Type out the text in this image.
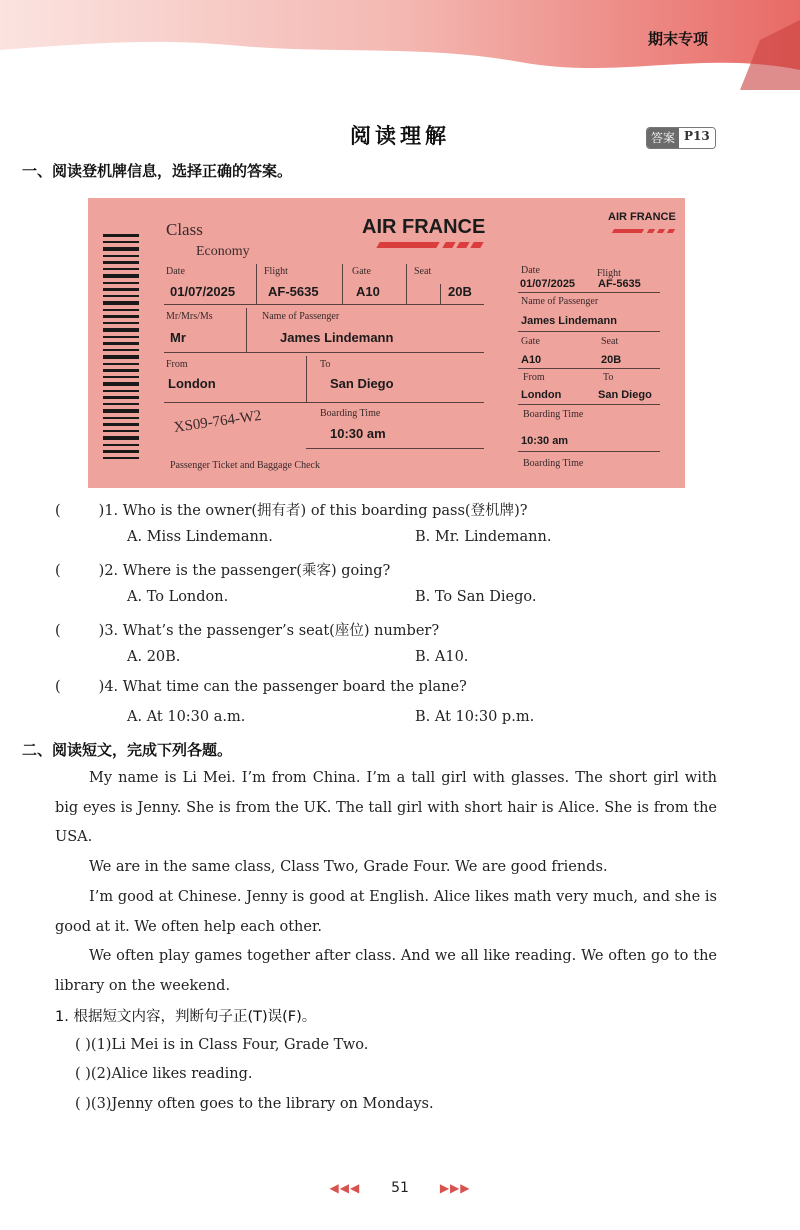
期末专项
阅读理解	答案 P13
一、阅读登机牌信息，选择正确的答案。
Class
Economy
AIR FRANCE
Date	Flight	Gate	Seat
01/07/2025	AF-5635	A10	20B
Mr/Mrs/Ms	Name of Passenger
Mr	James Lindemann
From	To
London	San Diego
XS09-764-W2	Boarding Time
10:30 am
Passenger Ticket and Baggage Check
AIR FRANCE
Date	Flight
01/07/2025 AF-5635
Name of Passenger
James Lindemann
Gate	Seat
A10	20B
From	To
London	San Diego
Boarding Time
10:30 am
Boarding Time
(	)1. Who is the owner(拥有者) of this boarding pass(登机牌)?
A. Miss Lindemann.	B. Mr. Lindemann.
(	)2. Where is the passenger(乘客) going?
A. To London.	B. To San Diego.
(	)3. What’s the passenger’s seat(座位) number?
A. 20B.	B. A10.
(	)4. What time can the passenger board the plane?
A. At 10:30 a.m.	B. At 10:30 p.m.
二、阅读短文，完成下列各题。
My name is Li Mei. I’m from China. I’m a tall girl with glasses. The short girl with big eyes is Jenny. She is from the UK. The tall girl with short hair is Alice. She is from the USA.
We are in the same class, Class Two, Grade Four. We are good friends.
I’m good at Chinese. Jenny is good at English. Alice likes math very much, and she is good at it. We often help each other.
We often play games together after class. And we all like reading. We often go to the library on the weekend.
1. 根据短文内容，判断句子正(T)误(F)。
( )(1)Li Mei is in Class Four, Grade Two.
( )(2)Alice likes reading.
( )(3)Jenny often goes to the library on Mondays.
◀◀◀ 51	▶▶▶
